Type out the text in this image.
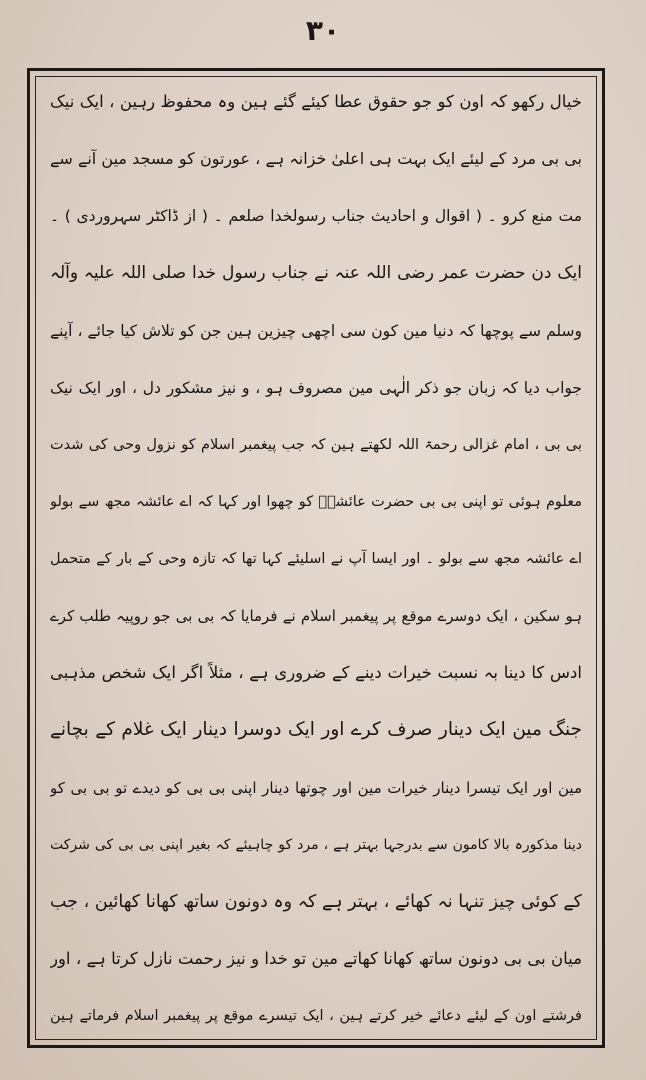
۳۰
خیال رکھو کہ اون کو جو حقوق عطا کیئے گئے ہین وہ محفوظ رہین ، ایک نیک
بی بی مرد کے لیئے ایک بہت ہی اعلیٰ خزانہ ہے ، عورتون کو مسجد مین آنے سے
مت منع کرو ۔ ( اقوال و احادیث جناب رسولخدا صلعم ۔ ( از ڈاکٹر سہروردی ) ۔
ایک دن حضرت عمر رضی اللہ عنہ نے جناب رسول خدا صلی اللہ علیہ وآلہ
وسلم سے پوچھا کہ دنیا مین کون سی اچھی چیزین ہین جن کو تلاش کیا جائے ، آپنے
جواب دیا کہ زبان جو ذکر الٰہی مین مصروف ہو ، و نیز مشکور دل ، اور ایک نیک
بی بی ، امام غزالی رحمۃ اللہ لکھتے ہین کہ جب پیغمبر اسلام کو نزول وحی کی شدت
معلوم ہوئی تو اپنی بی بی حضرت عائشہؓ کو چھوا اور کہا کہ اے عائشہ مجھ سے بولو
اے عائشہ مجھ سے بولو ۔ اور ایسا آپ نے اسلیئے کہا تھا کہ تازہ وحی کے بار کے متحمل
ہو سکین ، ایک دوسرے موقع پر پیغمبر اسلام نے فرمایا کہ بی بی جو روپیہ طلب کرے
ادس کا دینا بہ نسبت خیرات دینے کے ضروری ہے ، مثلاً اگر ایک شخص مذہبی
جنگ مین ایک دینار صرف کرے اور ایک دوسرا دینار ایک غلام کے بچانے
مین اور ایک تیسرا دینار خیرات مین اور چوتھا دینار اپنی بی بی کو دیدے تو بی بی کو
دینا مذکورہ بالا کامون سے بدرجہا بہتر ہے ، مرد کو چاہیئے کہ بغیر اپنی بی بی کی شرکت
کے کوئی چیز تنہا نہ کھائے ، بہتر ہے کہ وہ دونون ساتھ کھانا کھائین ، جب
میان بی بی دونون ساتھ کھانا کھاتے مین تو خدا و نیز رحمت نازل کرتا ہے ، اور
فرشتے اون کے لیئے دعائے خیر کرتے ہین ، ایک تیسرے موقع پر پیغمبر اسلام فرماتے ہین
